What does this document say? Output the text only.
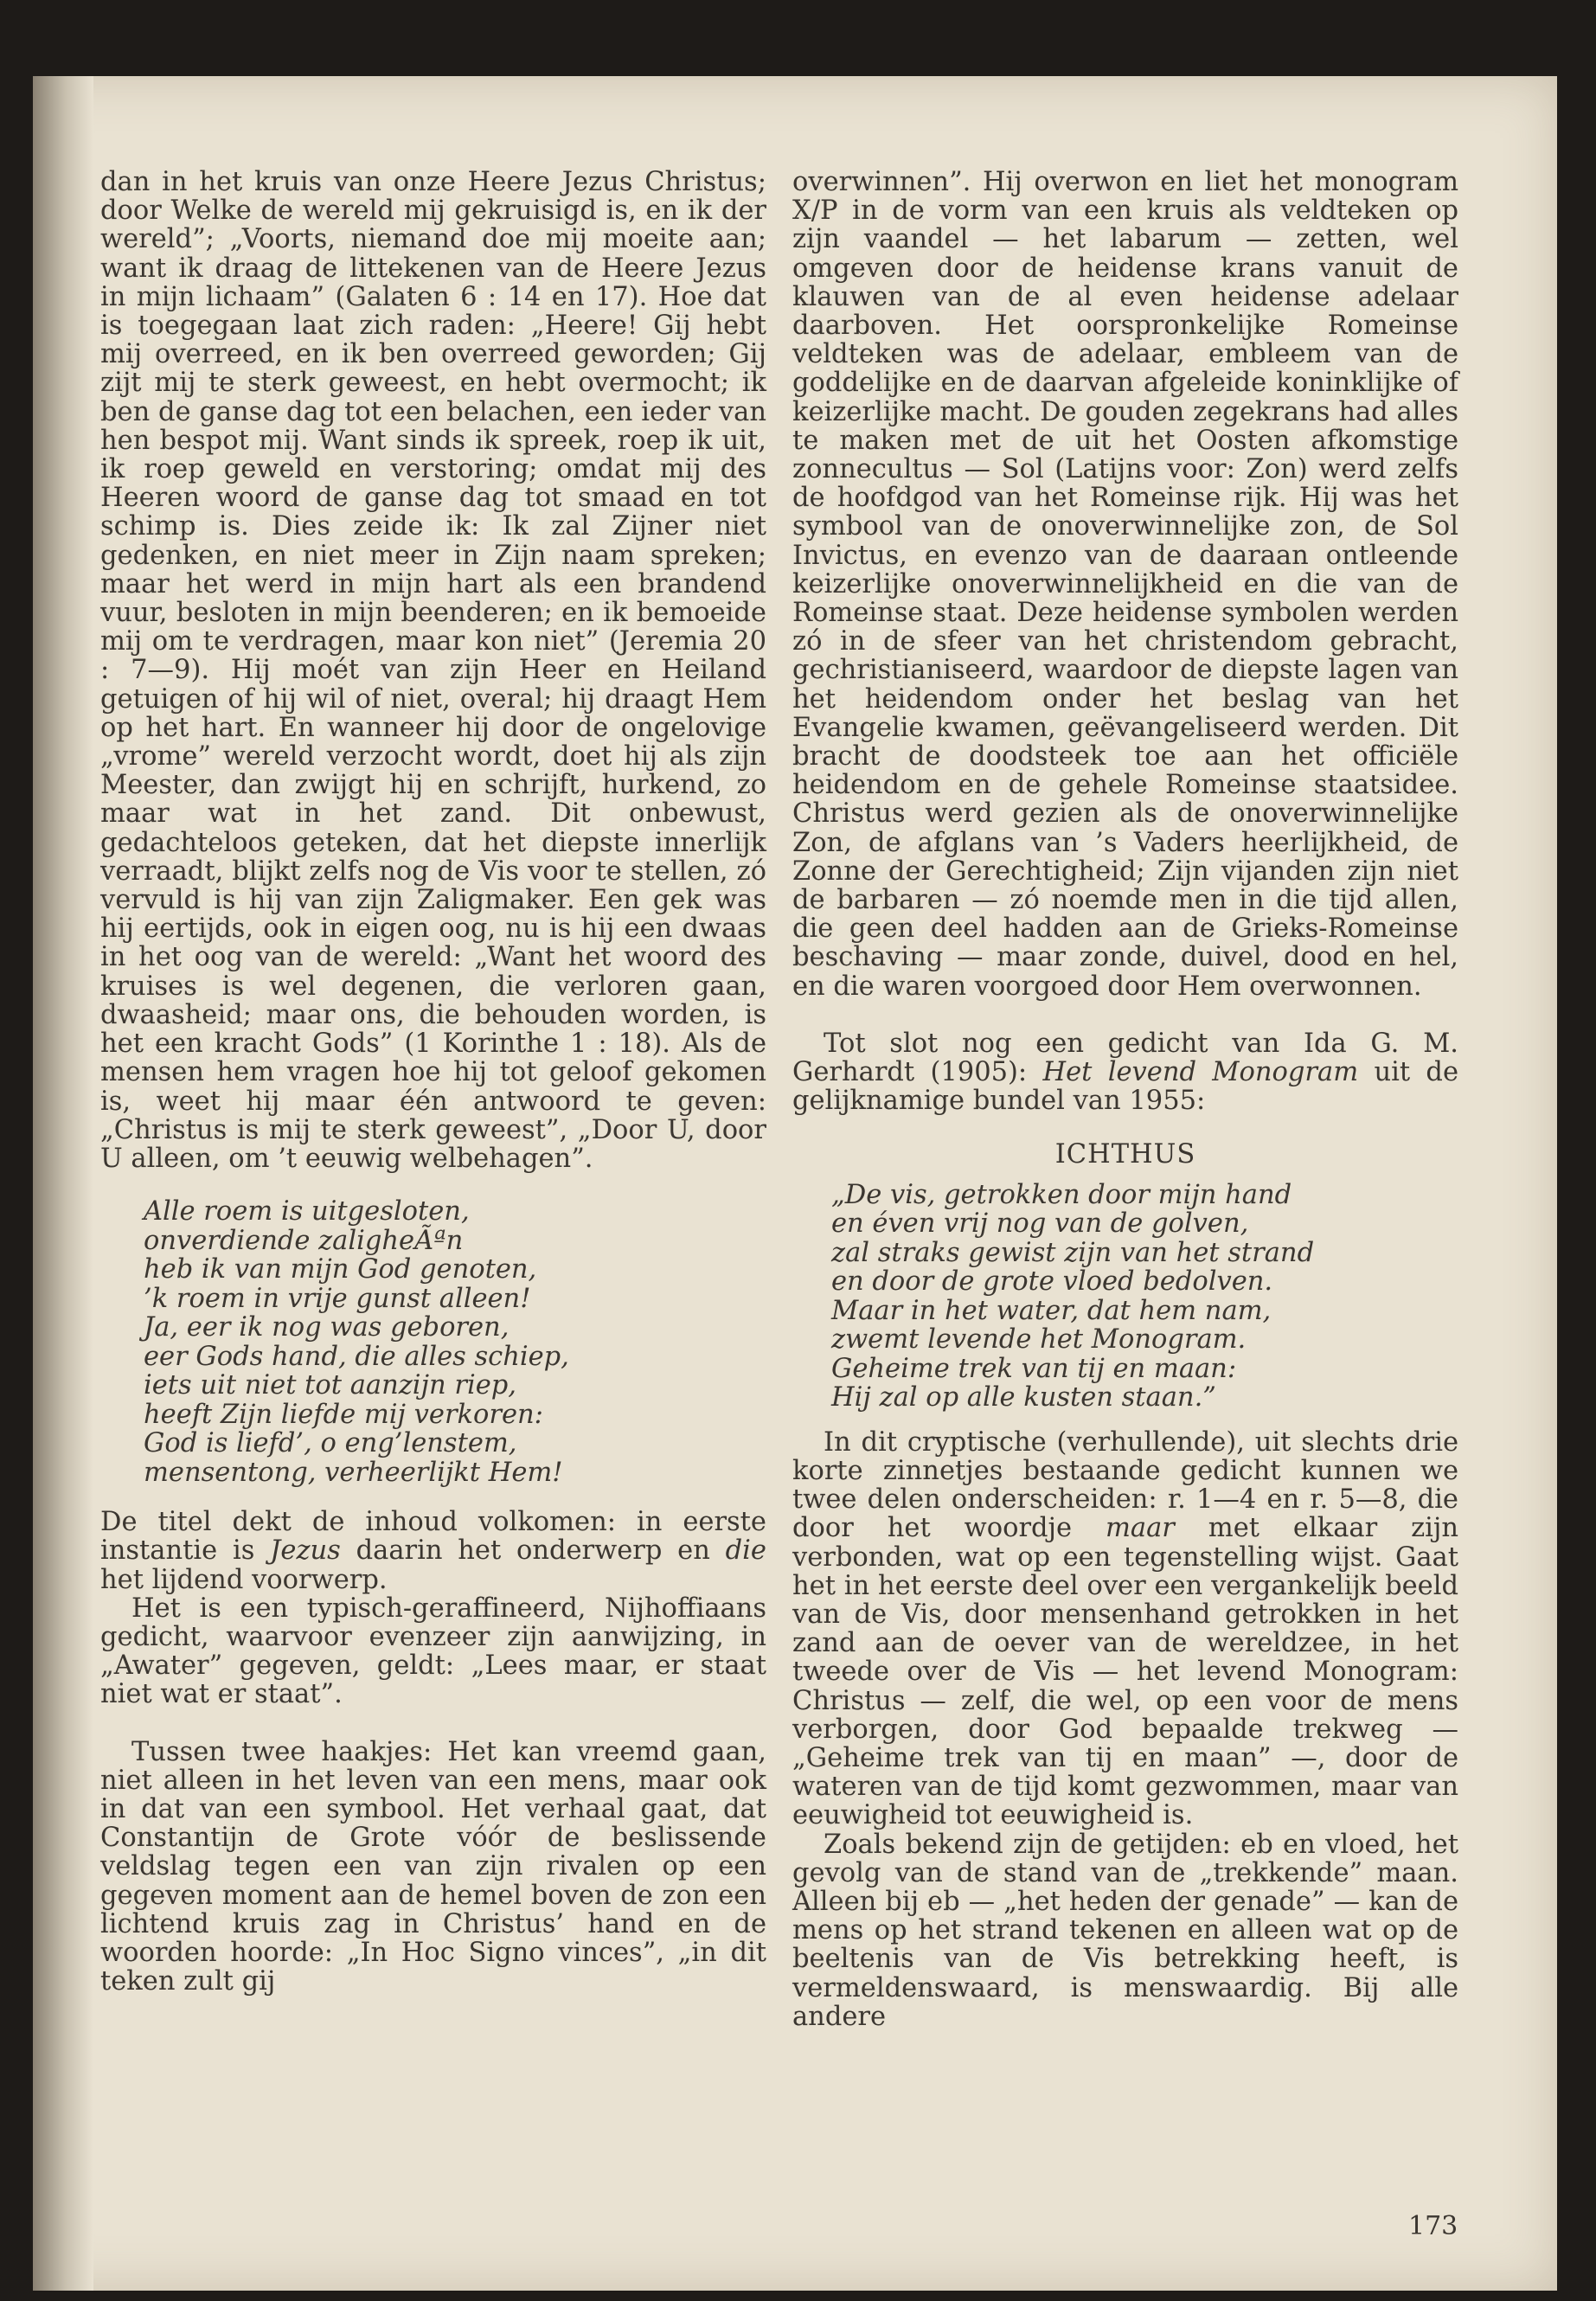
dan in het kruis van onze Heere Jezus Christus; door Welke de wereld mij gekruisigd is, en ik der wereld”; „Voorts, niemand doe mij moeite aan; want ik draag de littekenen van de Heere Jezus in mijn lichaam” (Galaten 6 : 14 en 17). Hoe dat is toegegaan laat zich raden: „Heere! Gij hebt mij overreed, en ik ben overreed geworden; Gij zijt mij te sterk geweest, en hebt overmocht; ik ben de ganse dag tot een belachen, een ieder van hen bespot mij. Want sinds ik spreek, roep ik uit, ik roep geweld en verstoring; omdat mij des Heeren woord de ganse dag tot smaad en tot schimp is. Dies zeide ik: Ik zal Zijner niet gedenken, en niet meer in Zijn naam spreken; maar het werd in mijn hart als een brandend vuur, besloten in mijn beenderen; en ik bemoeide mij om te verdragen, maar kon niet” (Jeremia 20 : 7—9). Hij moét van zijn Heer en Heiland getuigen of hij wil of niet, overal; hij draagt Hem op het hart. En wanneer hij door de ongelovige „vrome” wereld verzocht wordt, doet hij als zijn Meester, dan zwijgt hij en schrijft, hurkend, zo maar wat in het zand. Dit onbewust, gedachteloos geteken, dat het diepste innerlijk verraadt, blijkt zelfs nog de Vis voor te stellen, zó vervuld is hij van zijn Zaligmaker. Een gek was hij eertijds, ook in eigen oog, nu is hij een dwaas in het oog van de wereld: „Want het woord des kruises is wel degenen, die verloren gaan, dwaasheid; maar ons, die behouden worden, is het een kracht Gods” (1 Korinthe 1 : 18). Als de mensen hem vragen hoe hij tot geloof gekomen is, weet hij maar één antwoord te geven: „Christus is mij te sterk geweest”, „Door U, door U alleen, om ’t eeuwig welbehagen”.

Alle roem is uitgesloten,
onverdiende zaligheÃªn
heb ik van mijn God genoten,
’k roem in vrije gunst alleen!
Ja, eer ik nog was geboren,
eer Gods hand, die alles schiep,
iets uit niet tot aanzijn riep,
heeft Zijn liefde mij verkoren:
God is liefd’, o eng’lenstem,
mensentong, verheerlijkt Hem!

De titel dekt de inhoud volkomen: in eerste instantie is Jezus daarin het onderwerp en die het lijdend voorwerp.

Het is een typisch-geraffineerd, Nijhoffiaans gedicht, waarvoor evenzeer zijn aanwijzing, in „Awater” gegeven, geldt: „Lees maar, er staat niet wat er staat”.

Tussen twee haakjes: Het kan vreemd gaan, niet alleen in het leven van een mens, maar ook in dat van een symbool. Het verhaal gaat, dat Constantijn de Grote vóór de beslissende veldslag tegen een van zijn rivalen op een gegeven moment aan de hemel boven de zon een lichtend kruis zag in Christus’ hand en de woorden hoorde: „In Hoc Signo vinces”, „in dit teken zult gij

overwinnen”. Hij overwon en liet het monogram X/P in de vorm van een kruis als veldteken op zijn vaandel — het labarum — zetten, wel omgeven door de heidense krans vanuit de klauwen van de al even heidense adelaar daarboven. Het oorspronkelijke Romeinse veldteken was de adelaar, embleem van de goddelijke en de daarvan afgeleide koninklijke of keizerlijke macht. De gouden zegekrans had alles te maken met de uit het Oosten afkomstige zonnecultus — Sol (Latijns voor: Zon) werd zelfs de hoofdgod van het Romeinse rijk. Hij was het symbool van de onoverwinnelijke zon, de Sol Invictus, en evenzo van de daaraan ontleende keizerlijke onoverwinnelijkheid en die van de Romeinse staat. Deze heidense symbolen werden zó in de sfeer van het christendom gebracht, gechristianiseerd, waardoor de diepste lagen van het heidendom onder het beslag van het Evangelie kwamen, geëvangeliseerd werden. Dit bracht de doodsteek toe aan het officiële heidendom en de gehele Romeinse staatsidee. Christus werd gezien als de onoverwinnelijke Zon, de afglans van ’s Vaders heerlijkheid, de Zonne der Gerechtigheid; Zijn vijanden zijn niet de barbaren — zó noemde men in die tijd allen, die geen deel hadden aan de Grieks-Romeinse beschaving — maar zonde, duivel, dood en hel, en die waren voorgoed door Hem overwonnen.

Tot slot nog een gedicht van Ida G. M. Gerhardt (1905): Het levend Monogram uit de gelijknamige bundel van 1955:

ICHTHUS
„De vis, getrokken door mijn hand
en éven vrij nog van de golven,
zal straks gewist zijn van het strand
en door de grote vloed bedolven.
Maar in het water, dat hem nam,
zwemt levende het Monogram.
Geheime trek van tij en maan:
Hij zal op alle kusten staan.”

In dit cryptische (verhullende), uit slechts drie korte zinnetjes bestaande gedicht kunnen we twee delen onderscheiden: r. 1—4 en r. 5—8, die door het woordje maar met elkaar zijn verbonden, wat op een tegenstelling wijst. Gaat het in het eerste deel over een vergankelijk beeld van de Vis, door mensenhand getrokken in het zand aan de oever van de wereldzee, in het tweede over de Vis — het levend Monogram: Christus — zelf, die wel, op een voor de mens verborgen, door God bepaalde trekweg — „Geheime trek van tij en maan” —, door de wateren van de tijd komt gezwommen, maar van eeuwigheid tot eeuwigheid is.

Zoals bekend zijn de getijden: eb en vloed, het gevolg van de stand van de „trekkende” maan. Alleen bij eb — „het heden der genade” — kan de mens op het strand tekenen en alleen wat op de beeltenis van de Vis betrekking heeft, is vermeldenswaard, is menswaardig. Bij alle andere

173
